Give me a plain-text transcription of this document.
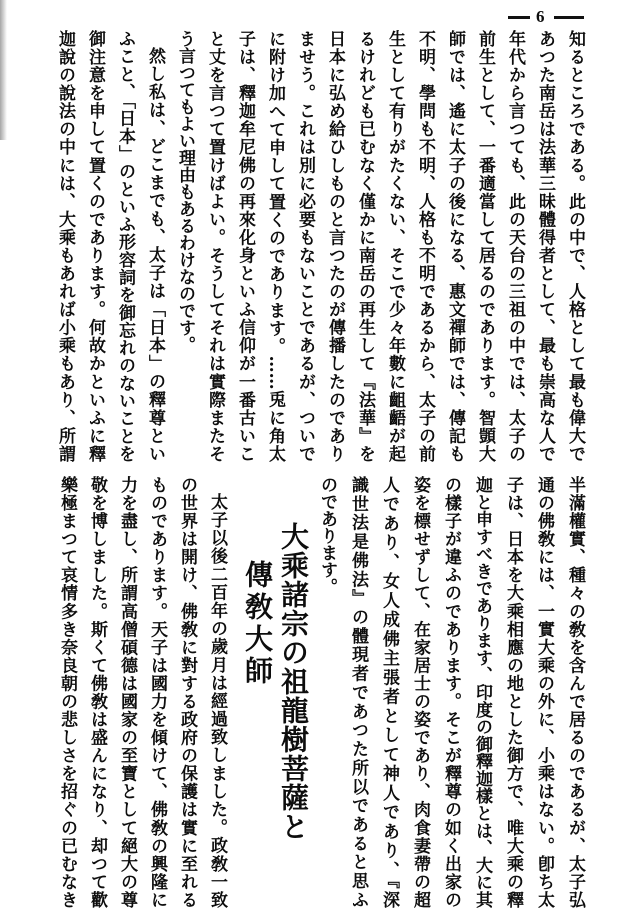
6
知るところである。此の中で、人格として最も偉大で
あつた南岳は法華三昧體得者として、最も崇高な人で
年代から言つても、此の天台の三祖の中では、太子の
前生として、一番適當して居るのであります。智顗大
師では、遙に太子の後になる、惠文禪師では、傳記も
不明、學問も不明、人格も不明であるから、太子の前
生として有りがたくない、そこで少々年數に齟齬が起
るけれども已むなく僅かに南岳の再生して『法華』を
日本に弘め給ひしものと言つたのが傳播したのであり
ませう。これは別に必要もないことであるが、ついで
に附け加へて申して置くのであります。……兎に角太
子は、釋迦牟尼佛の再來化身といふ信仰が一番古いこ
と丈を言つて置けばよい。そうしてそれは實際またそ
う言つてもよい理由もあるわけなのです。
然し私は、どこまでも、太子は「日本」の釋尊とい
ふこと、「日本」のといふ形容詞を御忘れのないことを
御注意を申して置くのであります。何故かといふに釋
迦說の說法の中には、大乘もあれば小乘もあり、所謂
半滿權實、種々の敎を含んで居るのであるが、太子弘
通の佛敎には、一實大乘の外に、小乘はない。卽ち太
子は、日本を大乘相應の地とした御方で、唯大乘の釋
迦と申すべきであります、印度の御釋迦樣とは、大に其
の樣子が違ふのであります。そこが釋尊の如く出家の
姿を標せずして、在家居士の姿であり、肉食妻帶の超
人であり、女人成佛主張者として神人であり、『深
識世法是佛法』の體現者であつた所以であると思ふ
のであります。
大乘諸宗の祖龍樹菩薩と
傳敎大師
太子以後二百年の歲月は經過致しました。政敎一致
の世界は開け、佛敎に對する政府の保護は實に至れる
ものであります。天子は國力を傾けて、佛敎の興隆に
力を盡し、所謂高僧碩德は國家の至寶として絕大の尊
敬を博しました。斯くて佛敎は盛んになり、却つて歡
樂極まつて哀情多き奈良朝の悲しさを招ぐの已むなき
